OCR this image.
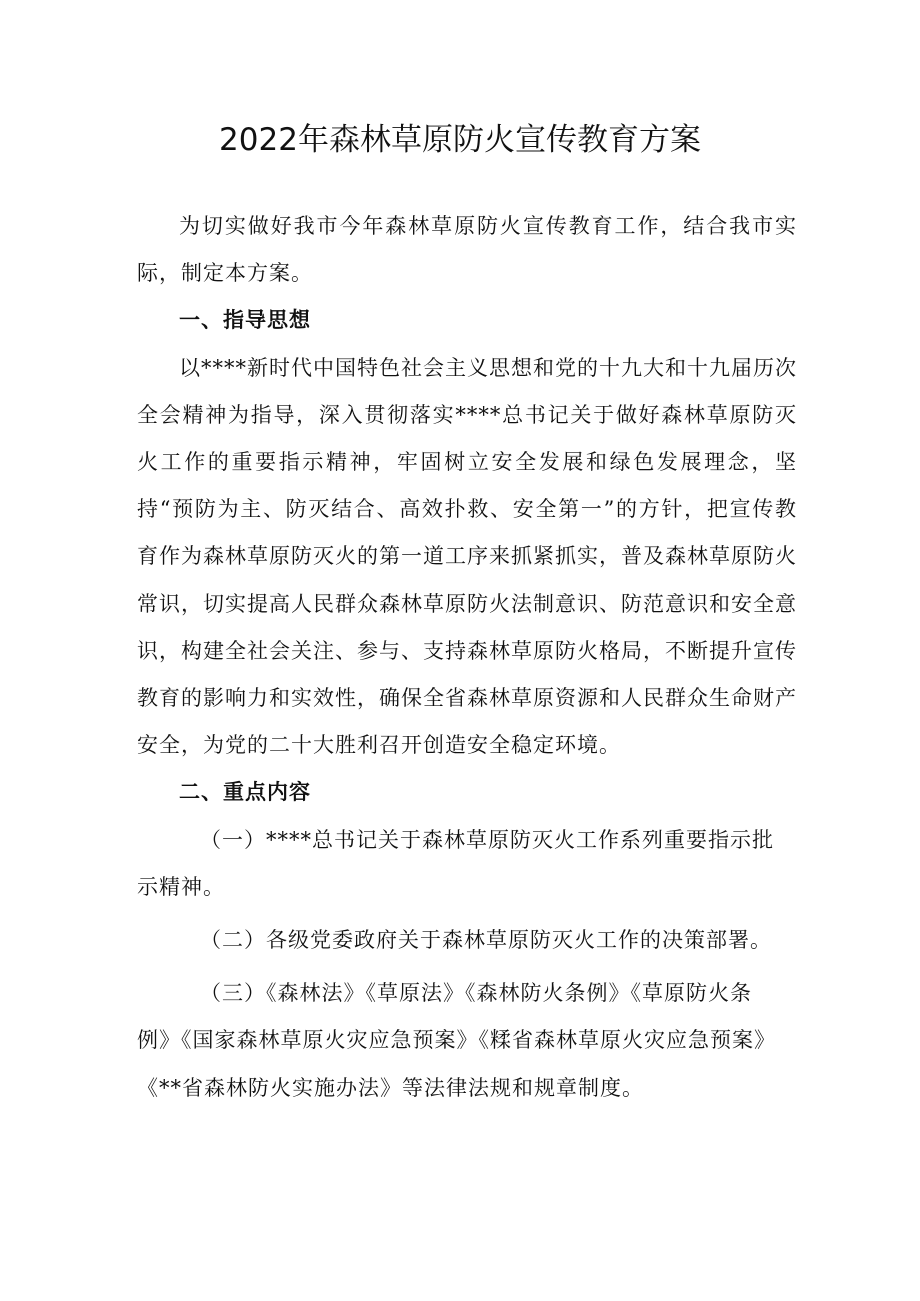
2022年森林草原防火宣传教育方案

为切实做好我市今年森林草原防火宣传教育工作，结合我市实际，制定本方案。

一、指导思想

以****新时代中国特色社会主义思想和党的十九大和十九届历次全会精神为指导，深入贯彻落实****总书记关于做好森林草原防灭火工作的重要指示精神，牢固树立安全发展和绿色发展理念，坚持“预防为主、防灭结合、高效扑救、安全第一”的方针，把宣传教育作为森林草原防灭火的第一道工序来抓紧抓实，普及森林草原防火常识，切实提高人民群众森林草原防火法制意识、防范意识和安全意识，构建全社会关注、参与、支持森林草原防火格局，不断提升宣传教育的影响力和实效性，确保全省森林草原资源和人民群众生命财产安全，为党的二十大胜利召开创造安全稳定环境。

二、重点内容

（一）****总书记关于森林草原防灭火工作系列重要指示批示精神。

（二）各级党委政府关于森林草原防灭火工作的决策部署。

（三）《森林法》《草原法》《森林防火条例》《草原防火条例》《国家森林草原火灾应急预案》《糅省森林草原火灾应急预案》《**省森林防火实施办法》等法律法规和规章制度。
